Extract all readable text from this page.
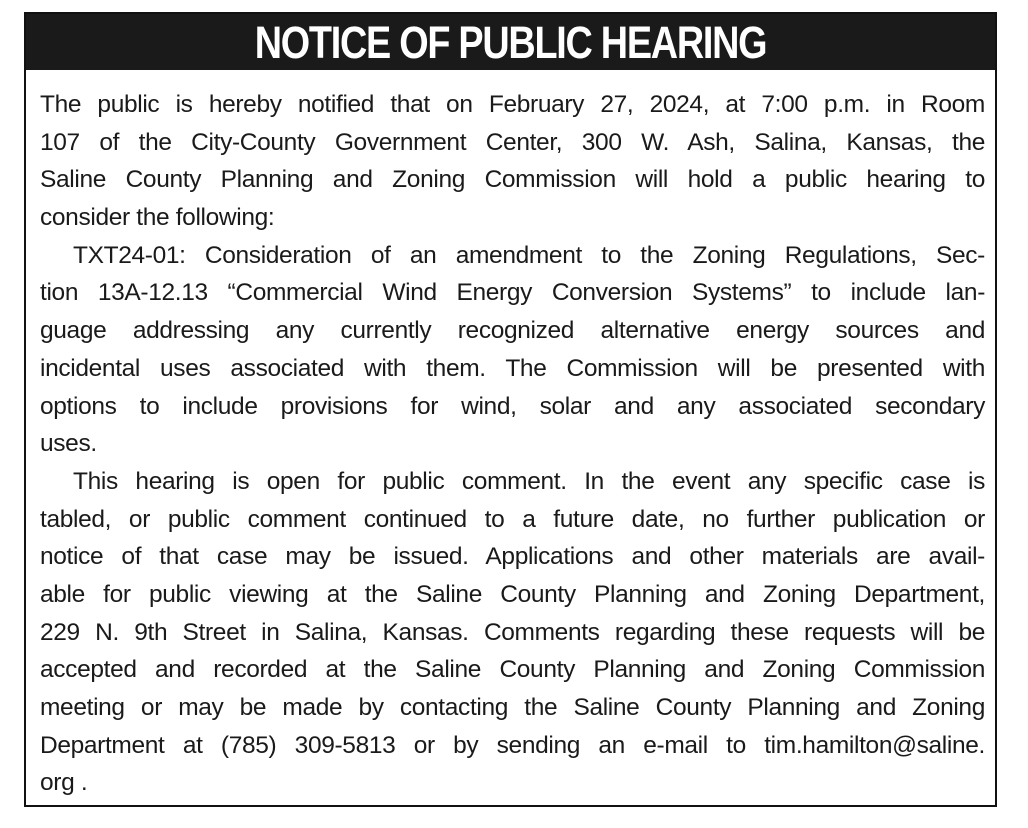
NOTICE OF PUBLIC HEARING
The public is hereby notified that on February 27, 2024, at 7:00 p.m. in Room
107 of the City-County Government Center, 300 W. Ash, Salina, Kansas, the
Saline County Planning and Zoning Commission will hold a public hearing to
consider the following:
TXT24-01: Consideration of an amendment to the Zoning Regulations, Sec-
tion 13A-12.13 “Commercial Wind Energy Conversion Systems” to include lan-
guage addressing any currently recognized alternative energy sources and
incidental uses associated with them. The Commission will be presented with
options to include provisions for wind, solar and any associated secondary
uses.
This hearing is open for public comment. In the event any specific case is
tabled, or public comment continued to a future date, no further publication or
notice of that case may be issued. Applications and other materials are avail-
able for public viewing at the Saline County Planning and Zoning Department,
229 N. 9th Street in Salina, Kansas. Comments regarding these requests will be
accepted and recorded at the Saline County Planning and Zoning Commission
meeting or may be made by contacting the Saline County Planning and Zoning
Department at (785) 309-5813 or by sending an e-mail to tim.hamilton@saline.
org .
